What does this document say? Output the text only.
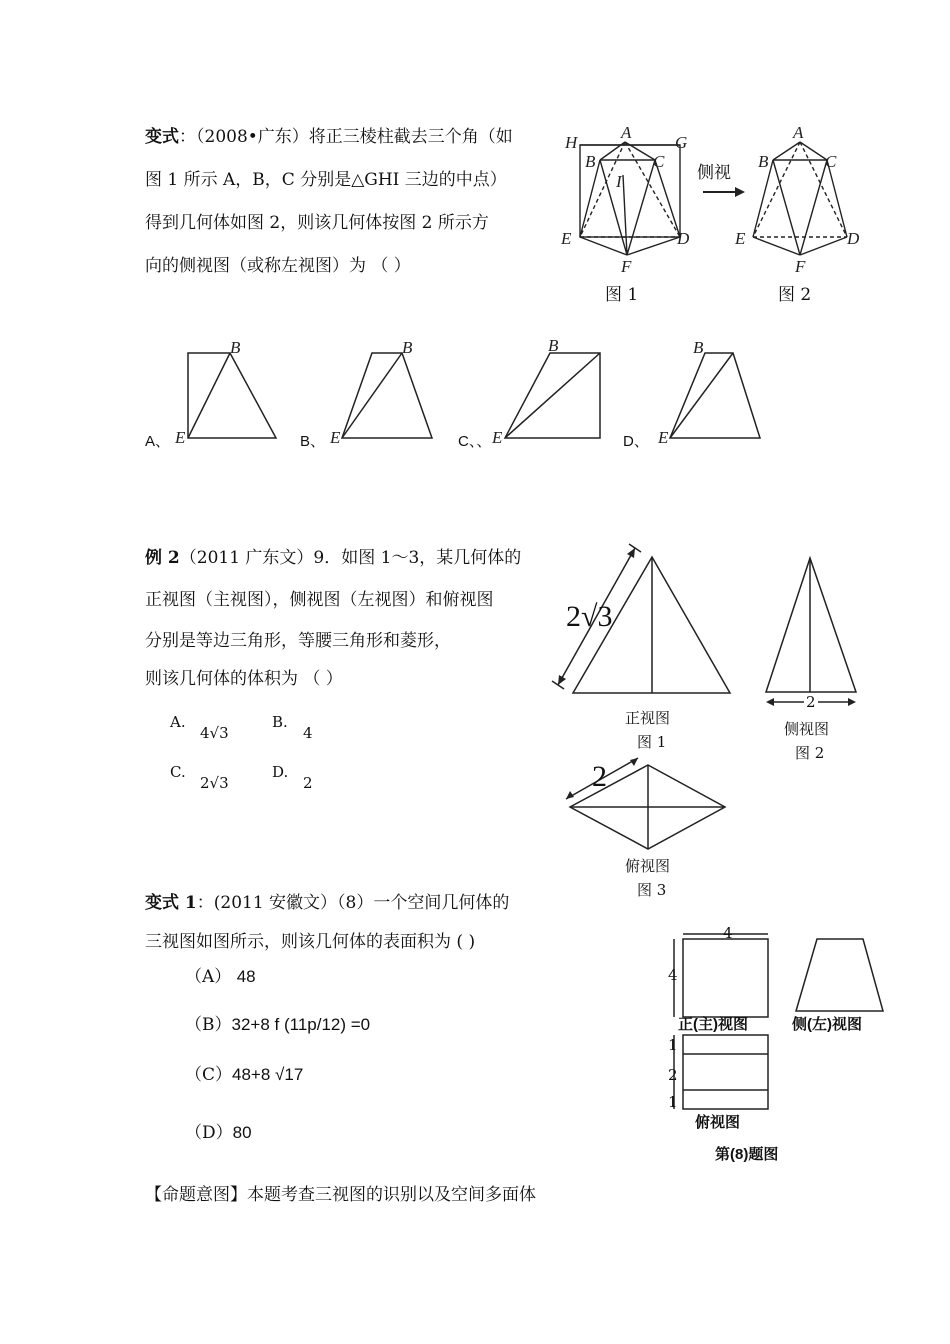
变式：（2008•广东）将正三棱柱截去三个角（如
图 1 所示 A，B，C 分别是△GHI 三边的中点）
得到几何体如图 2，则该几何体按图 2 所示方
向的侧视图（或称左视图）为 （ ）
A
H	G
B	C
I
E	D
F
A
B	C
E	D
F
侧视
图 1	图 2
A、	B、	C、、	D、
B
E
B
E
B
E
B
E
例 2（2011 广东文）9．如图 1～3，某几何体的
正视图（主视图），侧视图（左视图）和俯视图
分别是等边三角形，等腰三角形和菱形，
则该几何体的体积为 （ ）
A.
4√3
B.
4
C.
2√3
D.
2
2√3
正视图
图 1
2
侧视图
图 2
2
俯视图
图 3
变式 1：(2011 安徽文）（8）一个空间几何体的
三视图如图所示，则该几何体的表面积为 ( )
（A） 48
（B）32+8 f (11p/12) =0
（C）48+8 √17
（D）80
4
4
正(主)视图	侧(左)视图
1
2
1
俯视图
第(8)题图
【命题意图】本题考查三视图的识别以及空间多面体
